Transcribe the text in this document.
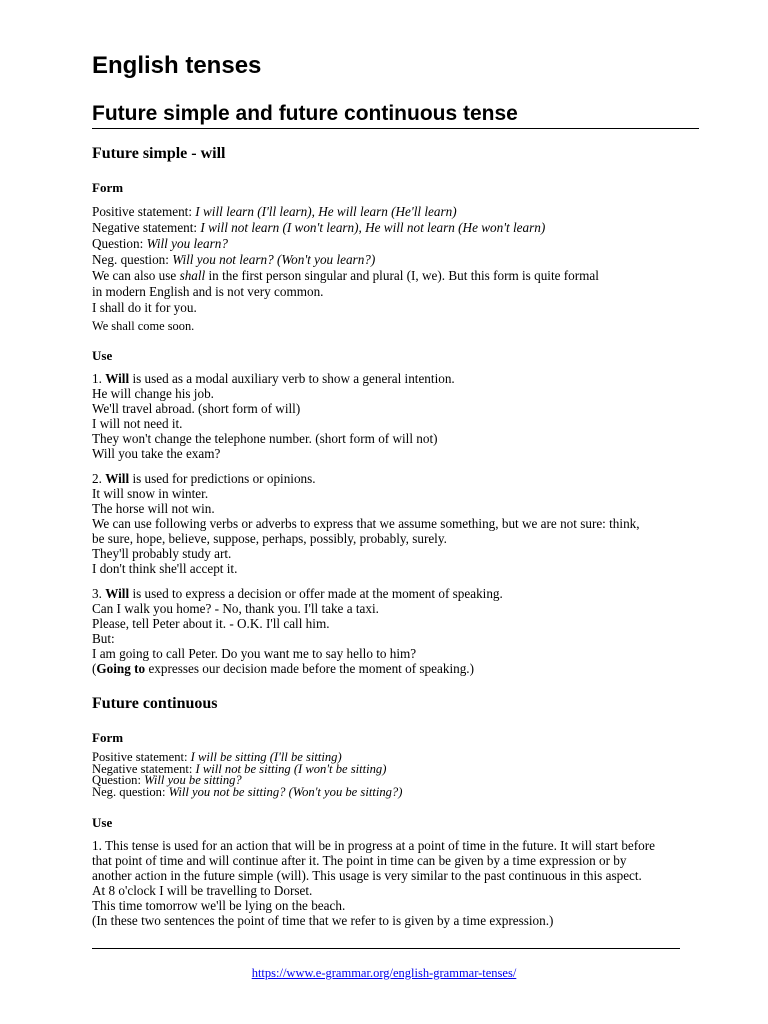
English tenses
Future simple and future continuous tense
Future simple - will
Form
Positive statement: I will learn (I'll learn), He will learn (He'll learn)
Negative statement: I will not learn (I won't learn), He will not learn (He won't learn)
Question: Will you learn?
Neg. question: Will you not learn? (Won't you learn?)
We can also use shall in the first person singular and plural (I, we). But this form is quite formal
in modern English and is not very common.
I shall do it for you.
We shall come soon.
Use
1. Will is used as a modal auxiliary verb to show a general intention.
He will change his job.
We'll travel abroad. (short form of will)
I will not need it.
They won't change the telephone number. (short form of will not)
Will you take the exam?
2. Will is used for predictions or opinions.
It will snow in winter.
The horse will not win.
We can use following verbs or adverbs to express that we assume something, but we are not sure: think,
be sure, hope, believe, suppose, perhaps, possibly, probably, surely.
They'll probably study art.
I don't think she'll accept it.
3. Will is used to express a decision or offer made at the moment of speaking.
Can I walk you home? - No, thank you. I'll take a taxi.
Please, tell Peter about it. - O.K. I'll call him.
But:
I am going to call Peter. Do you want me to say hello to him?
(Going to expresses our decision made before the moment of speaking.)
Future continuous
Form
Positive statement: I will be sitting (I'll be sitting)
Negative statement: I will not be sitting (I won't be sitting)
Question: Will you be sitting?
Neg. question: Will you not be sitting? (Won't you be sitting?)
Use
1. This tense is used for an action that will be in progress at a point of time in the future. It will start before
that point of time and will continue after it. The point in time can be given by a time expression or by
another action in the future simple (will). This usage is very similar to the past continuous in this aspect.
At 8 o'clock I will be travelling to Dorset.
This time tomorrow we'll be lying on the beach.
(In these two sentences the point of time that we refer to is given by a time expression.)
https://www.e-grammar.org/english-grammar-tenses/
